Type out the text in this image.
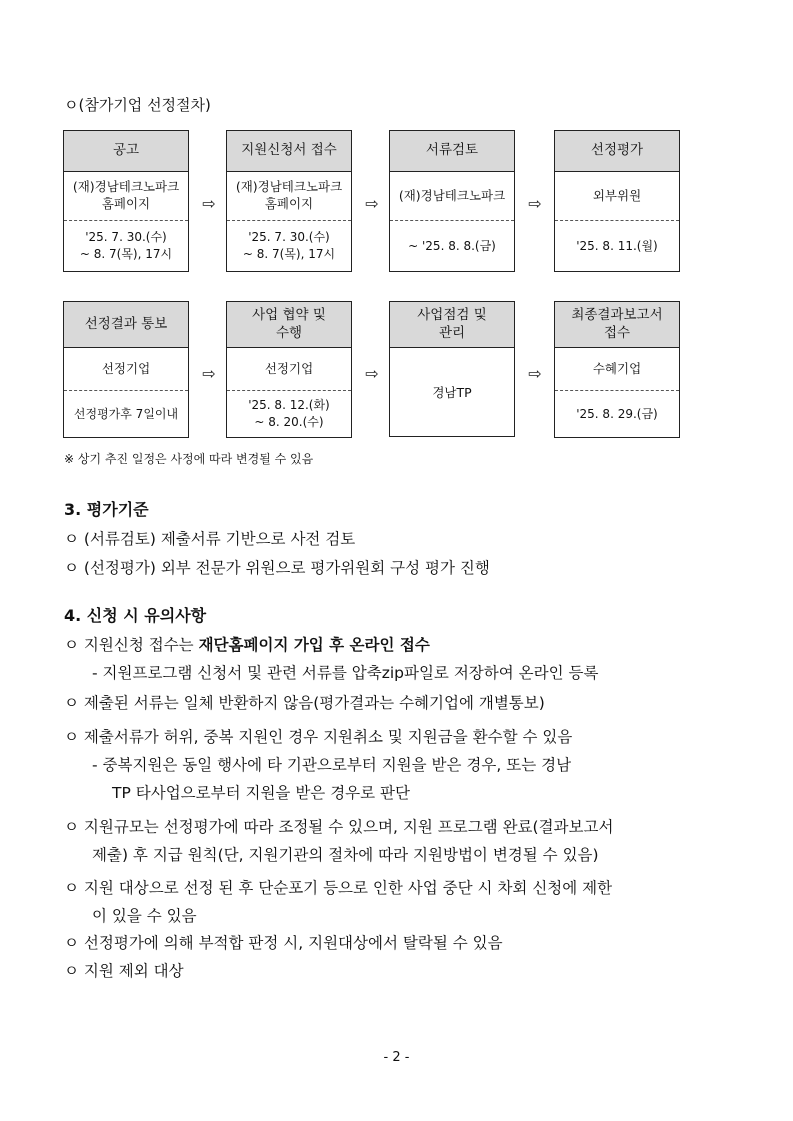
ㅇ(참가기업 선정절차)
공고
(재)경남테크노파크
홈페이지
'25. 7. 30.(수)
~ 8. 7(목), 17시
⇨
지원신청서 접수
(재)경남테크노파크
홈페이지
'25. 7. 30.(수)
~ 8. 7(목), 17시
⇨
서류검토
(재)경남테크노파크
~ '25. 8. 8.(금)
⇨
선정평가
외부위원
'25. 8. 11.(월)
선정결과 통보
선정기업
선정평가후 7일이내
⇨
사업 협약 및
수행
선정기업
'25. 8. 12.(화)
~ 8. 20.(수)
⇨
사업점검 및
관리
경남TP
⇨
최종결과보고서
접수
수혜기업
'25. 8. 29.(금)
※ 상기 추진 일정은 사정에 따라 변경될 수 있음
3. 평가기준
ㅇ (서류검토) 제출서류 기반으로 사전 검토
ㅇ (선정평가) 외부 전문가 위원으로 평가위원회 구성 평가 진행
4. 신청 시 유의사항
ㅇ 지원신청 접수는 재단홈페이지 가입 후 온라인 접수
- 지원프로그램 신청서 및 관련 서류를 압축zip파일로 저장하여 온라인 등록
ㅇ 제출된 서류는 일체 반환하지 않음(평가결과는 수혜기업에 개별통보)
ㅇ 제출서류가 허위, 중복 지원인 경우 지원취소 및 지원금을 환수할 수 있음
- 중복지원은 동일 행사에 타 기관으로부터 지원을 받은 경우, 또는 경남
TP 타사업으로부터 지원을 받은 경우로 판단
ㅇ 지원규모는 선정평가에 따라 조정될 수 있으며, 지원 프로그램 완료(결과보고서
제출) 후 지급 원칙(단, 지원기관의 절차에 따라 지원방법이 변경될 수 있음)
ㅇ 지원 대상으로 선정 된 후 단순포기 등으로 인한 사업 중단 시 차회 신청에 제한
이 있을 수 있음
ㅇ 선정평가에 의해 부적합 판정 시, 지원대상에서 탈락될 수 있음
ㅇ 지원 제외 대상
- 2 -
